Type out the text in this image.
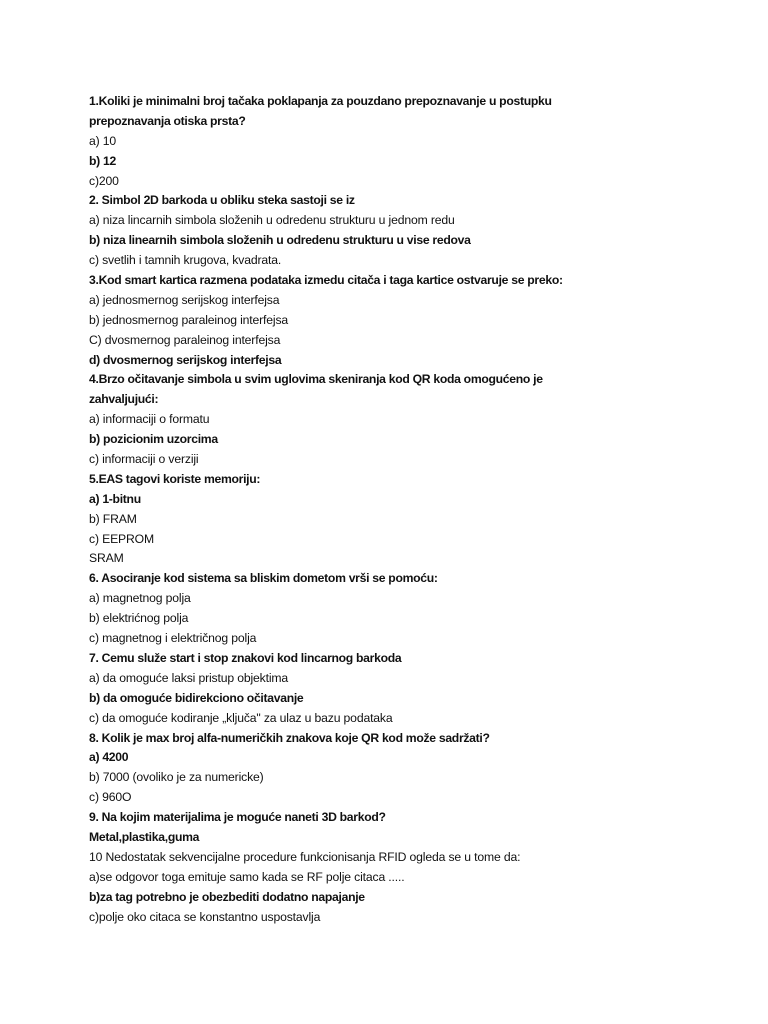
1.Koliki je minimalni broj tačaka poklapanja za pouzdano prepoznavanje u postupku
prepoznavanja otiska prsta?
a) 10
b) 12
c)200
2. Simbol 2D barkoda u obliku steka sastoji se iz
a) niza lincarnih simbola složenih u odredenu strukturu u jednom redu
b) niza linearnih simbola složenih u odredenu strukturu u vise redova
c) svetlih i tamnih krugova, kvadrata.
3.Kod smart kartica razmena podataka izmedu citača i taga kartice ostvaruje se preko:
a) jednosmernog serijskog interfejsa
b) jednosmernog paraleinog interfejsa
C) dvosmernog paraleinog interfejsa
d) dvosmernog serijskog interfejsa
4.Brzo očitavanje simbola u svim uglovima skeniranja kod QR koda omogućeno je
zahvaljujući:
a) informaciji o formatu
b) pozicionim uzorcima
c) informaciji o verziji
5.EAS tagovi koriste memoriju:
a) 1-bitnu
b) FRAM
c) EEPROM
SRAM
6. Asociranje kod sistema sa bliskim dometom vrši se pomoću:
a) magnetnog polja
b) elektrićnog polja
c) magnetnog i električnog polja
7. Cemu služe start i stop znakovi kod lincarnog barkoda
a) da omoguće laksi pristup objektima
b) da omoguće bidirekciono očitavanje
c) da omoguće kodiranje „ključa" za ulaz u bazu podataka
8. Kolik je max broj alfa-numeričkih znakova koje QR kod može sadržati?
a) 4200
b) 7000 (ovoliko je za numericke)
c) 960O
9. Na kojim materijalima je moguće naneti 3D barkod?
Metal,plastika,guma
10 Nedostatak sekvencijalne procedure funkcionisanja RFID ogleda se u tome da:
a)se odgovor toga emituje samo kada se RF polje citaca .....
b)za tag potrebno je obezbediti dodatno napajanje
c)polje oko citaca se konstantno uspostavlja
